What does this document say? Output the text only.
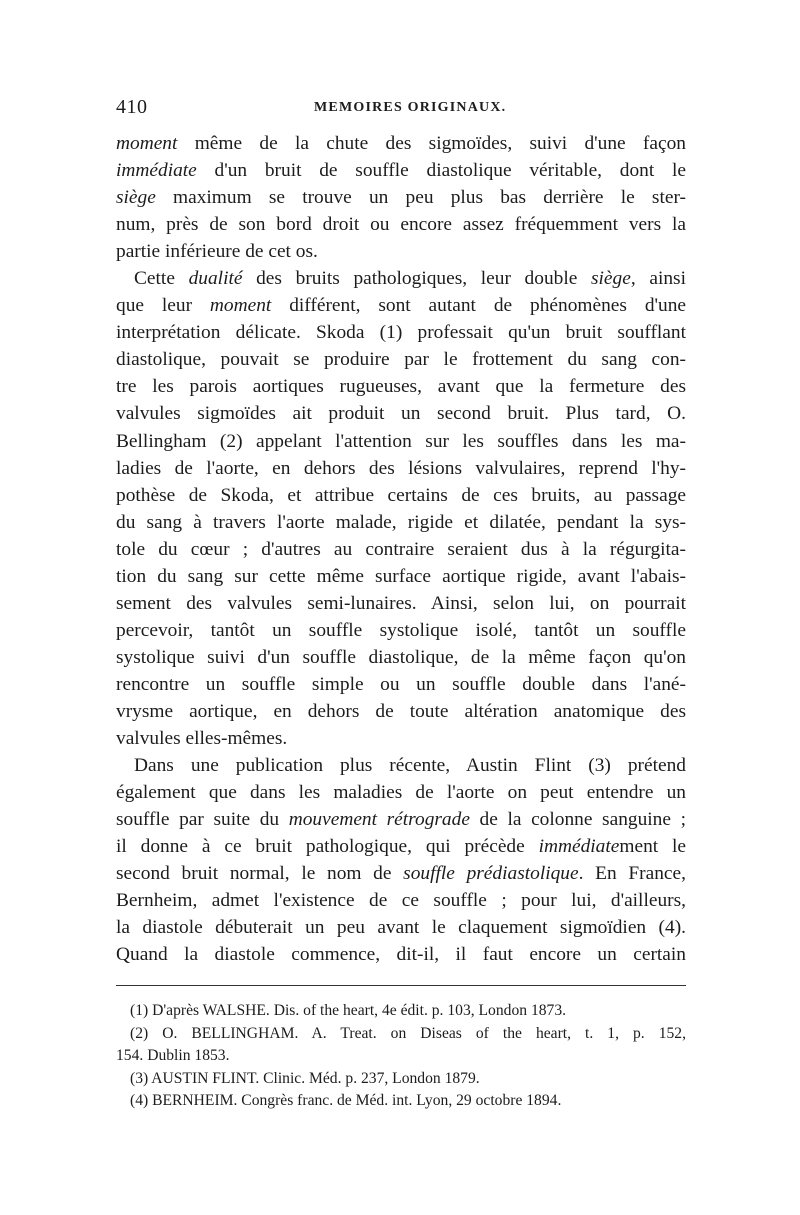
410	MEMOIRES ORIGINAUX.
moment même de la chute des sigmoïdes, suivi d'une façon
immédiate d'un bruit de souffle diastolique véritable, dont le
siège maximum se trouve un peu plus bas derrière le ster-
num, près de son bord droit ou encore assez fréquemment vers la
partie inférieure de cet os.
Cette dualité des bruits pathologiques, leur double siège, ainsi
que leur moment différent, sont autant de phénomènes d'une
interprétation délicate. Skoda (1) professait qu'un bruit soufflant
diastolique, pouvait se produire par le frottement du sang con-
tre les parois aortiques rugueuses, avant que la fermeture des
valvules sigmoïdes ait produit un second bruit. Plus tard, O.
Bellingham (2) appelant l'attention sur les souffles dans les ma-
ladies de l'aorte, en dehors des lésions valvulaires, reprend l'hy-
pothèse de Skoda, et attribue certains de ces bruits, au passage
du sang à travers l'aorte malade, rigide et dilatée, pendant la sys-
tole du cœur ; d'autres au contraire seraient dus à la régurgita-
tion du sang sur cette même surface aortique rigide, avant l'abais-
sement des valvules semi-lunaires. Ainsi, selon lui, on pourrait
percevoir, tantôt un souffle systolique isolé, tantôt un souffle
systolique suivi d'un souffle diastolique, de la même façon qu'on
rencontre un souffle simple ou un souffle double dans l'ané-
vrysme aortique, en dehors de toute altération anatomique des
valvules elles-mêmes.
Dans une publication plus récente, Austin Flint (3) prétend
également que dans les maladies de l'aorte on peut entendre un
souffle par suite du mouvement rétrograde de la colonne sanguine ;
il donne à ce bruit pathologique, qui précède immédiatement le
second bruit normal, le nom de souffle prédiastolique. En France,
Bernheim, admet l'existence de ce souffle ; pour lui, d'ailleurs,
la diastole débuterait un peu avant le claquement sigmoïdien (4).
Quand la diastole commence, dit-il, il faut encore un certain
(1) D'après WALSHE. Dis. of the heart, 4e édit. p. 103, London 1873.
(2) O. BELLINGHAM. A. Treat. on Diseas of the heart, t. 1, p. 152,
154. Dublin 1853.
(3) AUSTIN FLINT. Clinic. Méd. p. 237, London 1879.
(4) BERNHEIM. Congrès franc. de Méd. int. Lyon, 29 octobre 1894.
